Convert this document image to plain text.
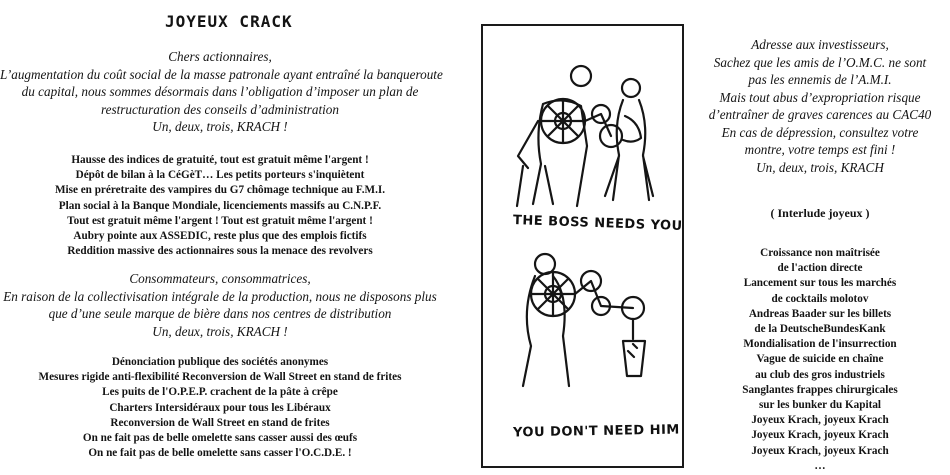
JOYEUX CRACK
Chers actionnaires,
L’augmentation du coût social de la masse patronale ayant entraîné la banqueroute
du capital, nous sommes désormais dans l’obligation d’imposer un plan de
restructuration des conseils d’administration
Un, deux, trois, KRACH !
Hausse des indices de gratuité, tout est gratuit même l'argent !
Dépôt de bilan à la CéGèT… Les petits porteurs s'inquiètent
Mise en préretraite des vampires du G7 chômage technique au F.M.I.
Plan social à la Banque Mondiale, licenciements massifs au C.N.P.F.
Tout est gratuit même l'argent ! Tout est gratuit même l'argent !
Aubry pointe aux ASSEDIC, reste plus que des emplois fictifs
Reddition massive des actionnaires sous la menace des revolvers
Consommateurs, consommatrices,
En raison de la collectivisation intégrale de la production, nous ne disposons plus
que d’une seule marque de bière dans nos centres de distribution
Un, deux, trois, KRACH !
Dénonciation publique des sociétés anonymes
Mesures rigide anti-flexibilité Reconversion de Wall Street en stand de frites
Les puits de l'O.P.E.P. crachent de la pâte à crêpe
Charters Intersidéraux pour tous les Libéraux
Reconversion de Wall Street en stand de frites
On ne fait pas de belle omelette sans casser aussi des œufs
On ne fait pas de belle omelette sans casser l'O.C.D.E. !
THE BOSS NEEDS YOU
YOU DON'T NEED HIM
Adresse aux investisseurs,
Sachez que les amis de l’O.M.C. ne sont
pas les ennemis de l’A.M.I.
Mais tout abus d’expropriation risque
d’entraîner de graves carences au CAC40
En cas de dépression, consultez votre
montre, votre temps est fini !
Un, deux, trois, KRACH
( Interlude joyeux )
Croissance non maîtrisée
de l'action directe
Lancement sur tous les marchés
de cocktails molotov
Andreas Baader sur les billets
de la DeutscheBundesKank
Mondialisation de l'insurrection
Vague de suicide en chaîne
au club des gros industriels
Sanglantes frappes chirurgicales
sur les bunker du Kapital
Joyeux Krach, joyeux Krach
Joyeux Krach, joyeux Krach
Joyeux Krach, joyeux Krach
…
